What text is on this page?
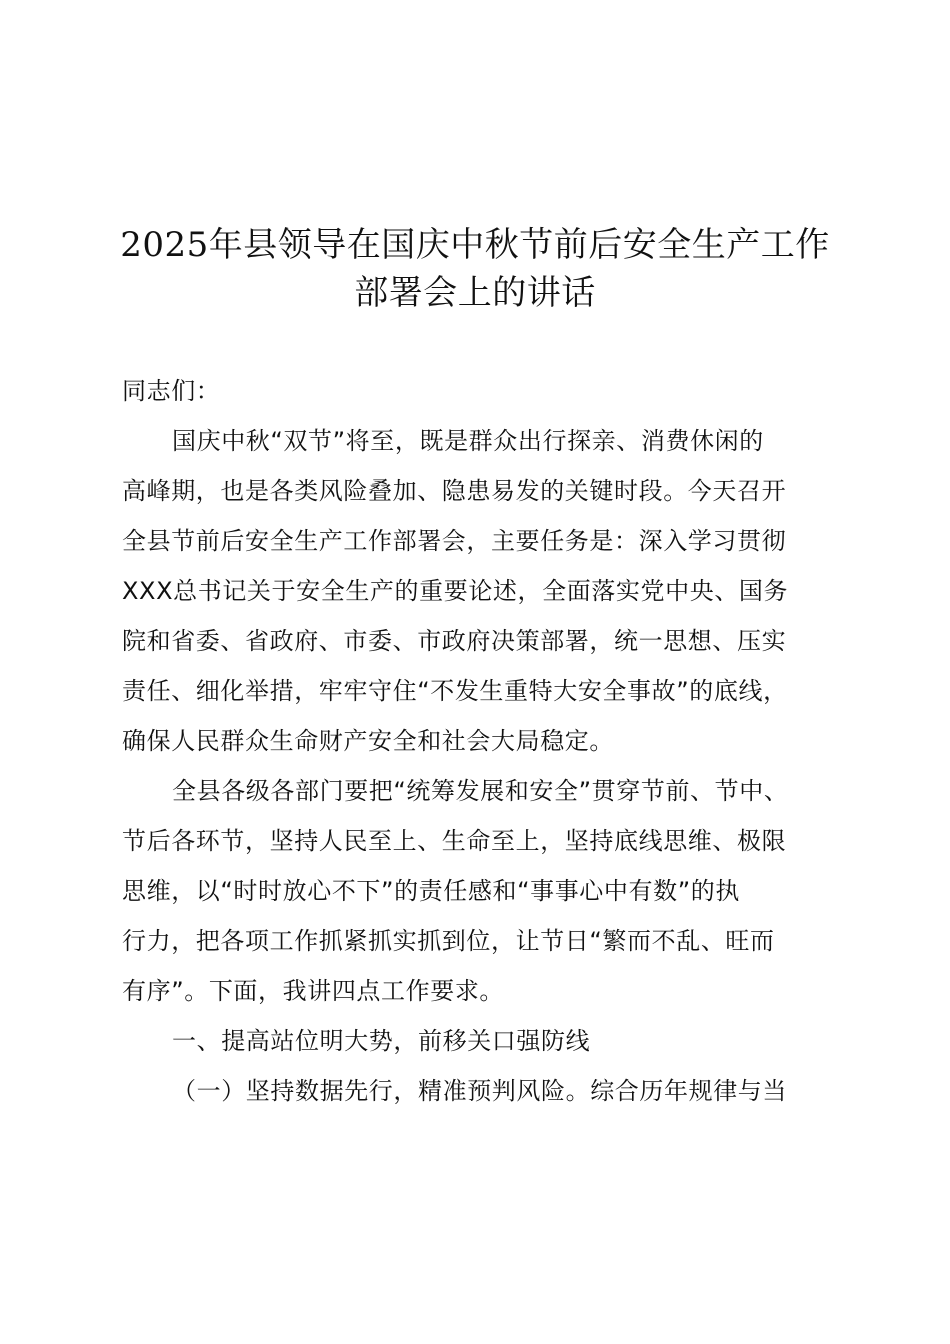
2025年县领导在国庆中秋节前后安全生产工作
部署会上的讲话
同志们：
国庆中秋“双节”将至，既是群众出行探亲、消费休闲的
高峰期，也是各类风险叠加、隐患易发的关键时段。今天召开
全县节前后安全生产工作部署会，主要任务是：深入学习贯彻
XXX总书记关于安全生产的重要论述，全面落实党中央、国务
院和省委、省政府、市委、市政府决策部署，统一思想、压实
责任、细化举措，牢牢守住“不发生重特大安全事故”的底线，
确保人民群众生命财产安全和社会大局稳定。
全县各级各部门要把“统筹发展和安全”贯穿节前、节中、
节后各环节，坚持人民至上、生命至上，坚持底线思维、极限
思维，以“时时放心不下”的责任感和“事事心中有数”的执
行力，把各项工作抓紧抓实抓到位，让节日“繁而不乱、旺而
有序”。下面，我讲四点工作要求。
一、提高站位明大势，前移关口强防线
（一）坚持数据先行，精准预判风险。综合历年规律与当
